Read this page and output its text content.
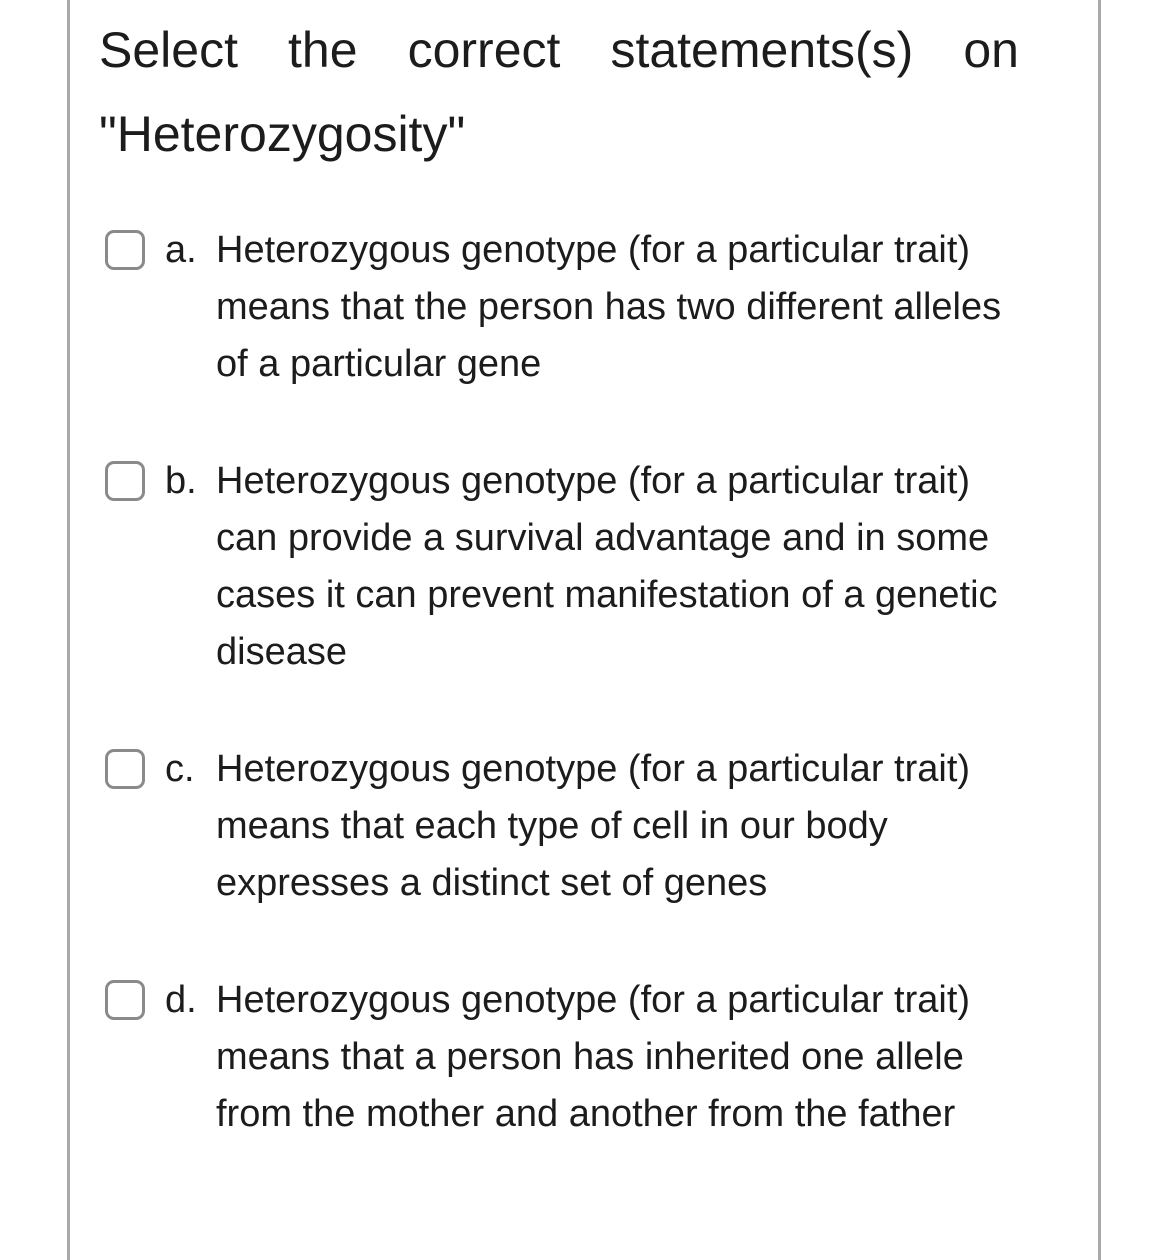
Select the correct statements(s) on "Heterozygosity"
a. Heterozygous genotype (for a particular trait) means that the person has two different alleles of a particular gene
b. Heterozygous genotype (for a particular trait) can provide a survival advantage and in some cases it can prevent manifestation of a genetic disease
c. Heterozygous genotype (for a particular trait) means that each type of cell in our body expresses a distinct set of genes
d. Heterozygous genotype (for a particular trait) means that a person has inherited one allele from the mother and another from the father
